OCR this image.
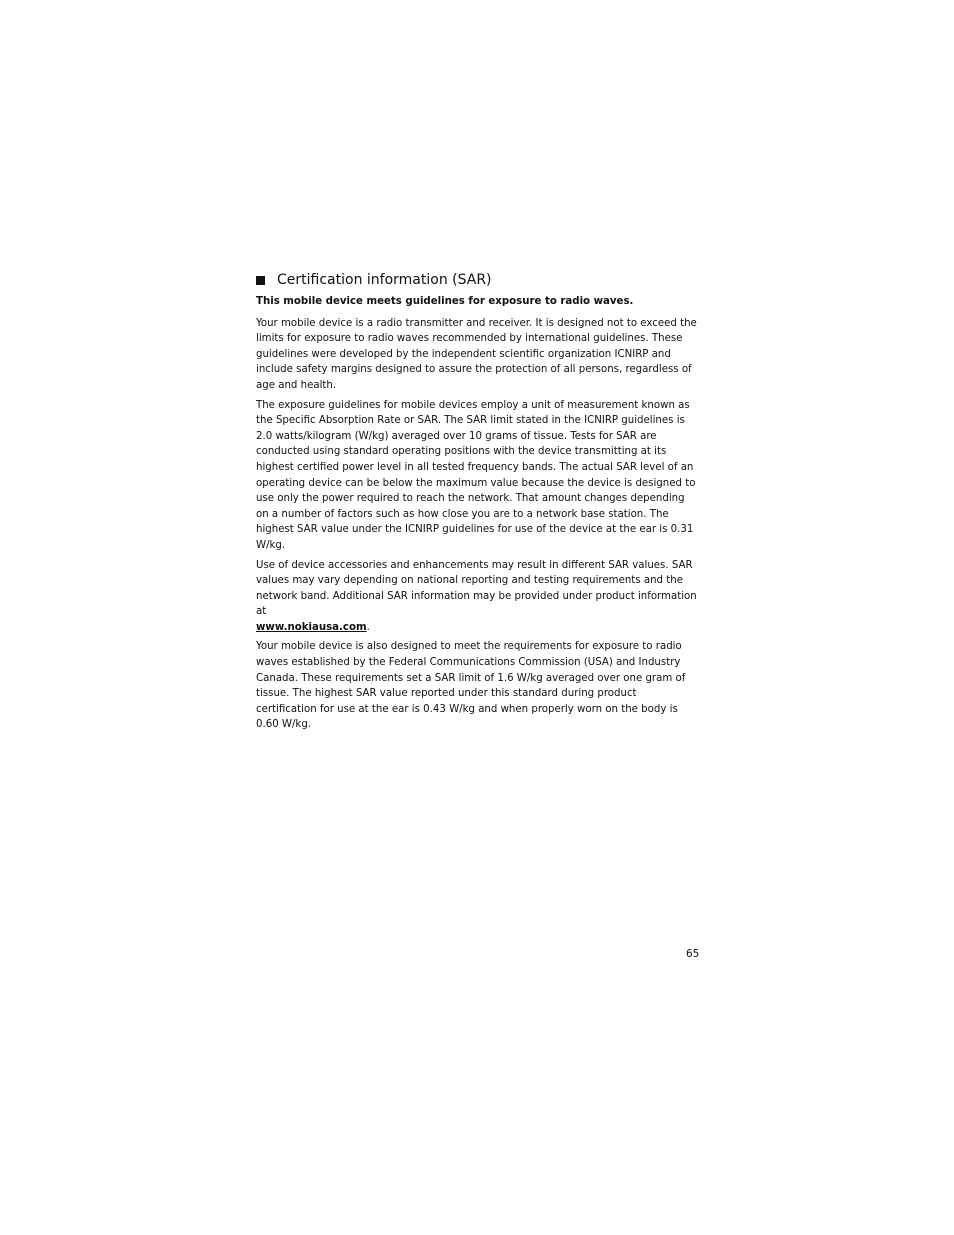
Certification information (SAR)
This mobile device meets guidelines for exposure to radio waves.

Your mobile device is a radio transmitter and receiver. It is designed not to exceed the limits for exposure to radio waves recommended by international guidelines. These guidelines were developed by the independent scientific organization ICNIRP and include safety margins designed to assure the protection of all persons, regardless of age and health.

The exposure guidelines for mobile devices employ a unit of measurement known as the Specific Absorption Rate or SAR. The SAR limit stated in the ICNIRP guidelines is 2.0 watts/kilogram (W/kg) averaged over 10 grams of tissue. Tests for SAR are conducted using standard operating positions with the device transmitting at its highest certified power level in all tested frequency bands. The actual SAR level of an operating device can be below the maximum value because the device is designed to use only the power required to reach the network. That amount changes depending on a number of factors such as how close you are to a network base station. The highest SAR value under the ICNIRP guidelines for use of the device at the ear is 0.31 W/kg.

Use of device accessories and enhancements may result in different SAR values. SAR values may vary depending on national reporting and testing requirements and the network band. Additional SAR information may be provided under product information at
www.nokiausa.com.

Your mobile device is also designed to meet the requirements for exposure to radio waves established by the Federal Communications Commission (USA) and Industry Canada. These requirements set a SAR limit of 1.6 W/kg averaged over one gram of tissue. The highest SAR value reported under this standard during product certification for use at the ear is 0.43 W/kg and when properly worn on the body is 0.60 W/kg.

65
